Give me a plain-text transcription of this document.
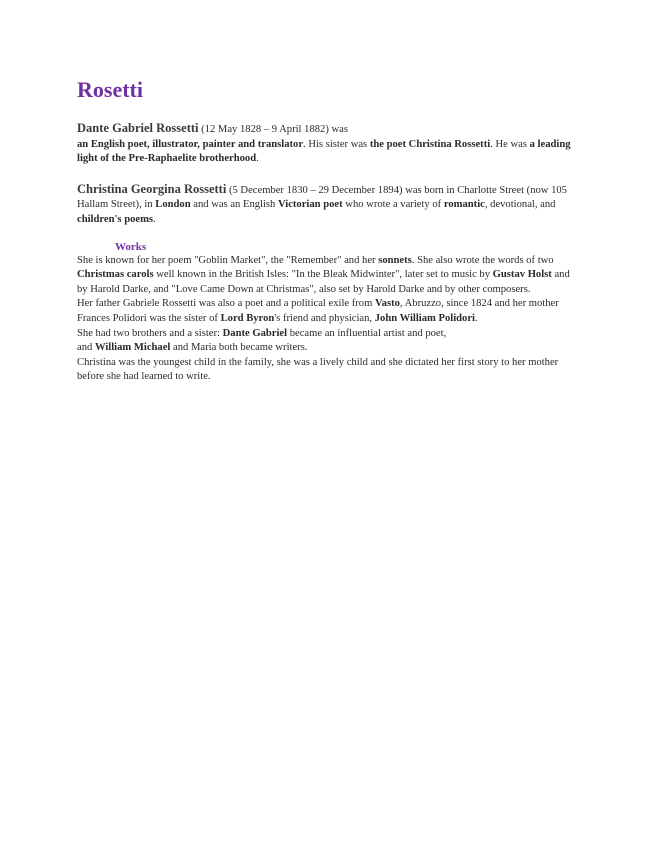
Rosetti

Dante Gabriel Rossetti (12 May 1828 – 9 April 1882) was
an English poet, illustrator, painter and translator. His sister was the poet Christina Rossetti. He was a leading light of the Pre-Raphaelite brotherhood.

Christina Georgina Rossetti (5 December 1830 – 29 December 1894) was born in Charlotte Street (now 105 Hallam Street), in London and was an English Victorian poet who wrote a variety of romantic, devotional, and children's poems.

Works

She is known for her poem "Goblin Market", the "Remember" and her sonnets. She also wrote the words of two Christmas carols well known in the British Isles: "In the Bleak Midwinter", later set to music by Gustav Holst and by Harold Darke, and "Love Came Down at Christmas", also set by Harold Darke and by other composers.

Her father Gabriele Rossetti was also a poet and a political exile from Vasto, Abruzzo, since 1824 and her mother Frances Polidori was the sister of Lord Byron's friend and physician, John William Polidori.

She had two brothers and a sister: Dante Gabriel became an influential artist and poet,
and William Michael and Maria both became writers.

Christina was the youngest child in the family, she was a lively child and she dictated her first story to her mother before she had learned to write.
